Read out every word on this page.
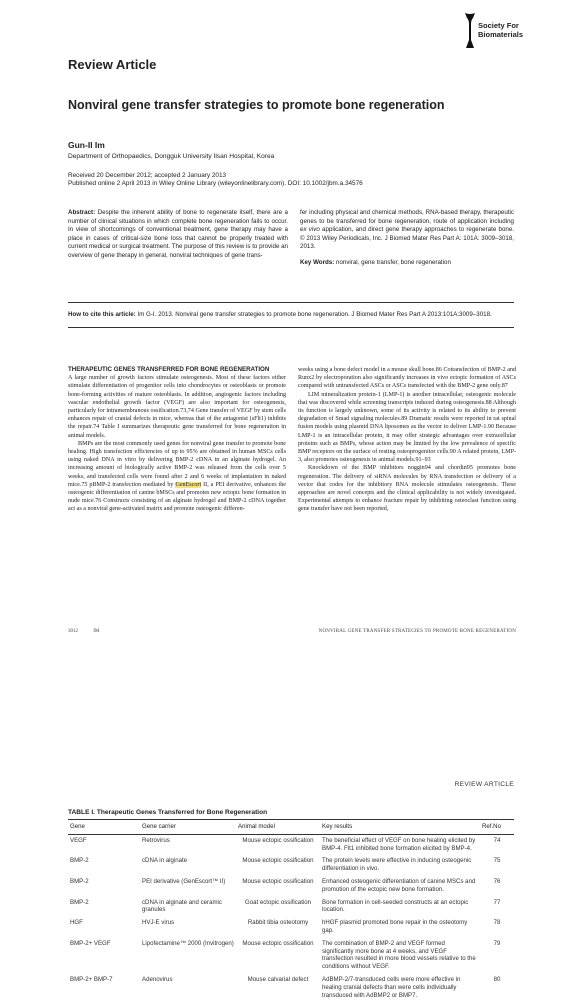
Society For
Biomaterials
Review Article
Nonviral gene transfer strategies to promote bone regeneration
Gun-Il Im
Department of Orthopaedics, Dongguk University Ilsan Hospital, Korea
Received 20 December 2012; accepted 2 January 2013
Published online 2 April 2013 in Wiley Online Library (wileyonlinelibrary.com). DOI: 10.1002/jbm.a.34576
Abstract: Despite the inherent ability of bone to regenerate itself, there are a number of clinical situations in which complete bone regeneration fails to occur. In view of shortcomings of conventional treatment, gene therapy may have a place in cases of critical-size bone loss that cannot be properly treated with current medical or surgical treatment. The purpose of this review is to provide an overview of gene therapy in general, nonviral techniques of gene trans-
fer including physical and chemical methods, RNA-based therapy, therapeutic genes to be transferred for bone regeneration, route of application including ex vivo application, and direct gene therapy approaches to regenerate bone. © 2013 Wiley Periodicals, Inc. J Biomed Mater Res Part A: 101A: 3009–3018, 2013.
Key Words: nonviral, gene transfer, bone regeneration
How to cite this article: Im G-I. 2013. Nonviral gene transfer strategies to promote bone regeneration. J Biomed Mater Res Part A 2013:101A:3009–3018.
THERAPEUTIC GENES TRANSFERRED FOR BONE REGENERATION
A large number of growth factors stimulate osteogenesis. Most of these factors either stimulate differentiation of progenitor cells into chondrocytes or osteoblasts or promote bone-forming activities of mature osteoblasts. In addition, angiogenic factors including vascular endothelial growth factor (VEGF) are also important for osteogenesis, particularly for intramembranous ossification.73,74 Gene transfer of VEGF by stem cells enhances repair of cranial defects in mice, whereas that of the antagonist (sFlt1) inhibits the repair.74 Table I summarizes therapeutic gene transferred for bone regeneration in animal models.
BMPs are the most commonly used genes for nonviral gene transfer to promote bone healing. High transfection efficiencies of up to 95% are obtained in human MSCs cells using naked DNA in vitro by delivering BMP-2 cDNA in an alginate hydrogel. An increasing amount of biologically active BMP-2 was released from the cells over 5 weeks, and transfected cells were found after 2 and 6 weeks of implantation in naked mice.75 pBMP-2 transfection mediated by GenEscort II, a PEI derivative, enhances the osteogenic differentiation of canine bMSCs and promotes new ectopic bone formation in nude mice.76 Constructs consisting of an alginate hydrogel and BMP-2 cDNA together act as a nonviral gene-activated matrix and promote osteogenic differen-
weeks using a bone defect model in a mouse skull bone.86 Cotransfection of BMP-2 and Runx2 by electroporation also significantly increases in vivo ectopic formation of ASCs compared with untransfected ASCs or ASCs transfected with the BMP-2 gene only.87
LIM mineralization protein-1 (LMP-1) is another intracellular, osteogenic molecule that was discovered while screening transcripts induced during osteogenesis.88 Although its function is largely unknown, some of its activity is related to its ability to prevent degradation of Smad signaling molecules.89 Dramatic results were reported in rat spinal fusion models using plasmid DNA liposomes as the vector to deliver LMP-1.90 Because LMP-1 is an intracellular protein, it may offer strategic advantages over extracellular proteins such as BMPs, whose action may be limited by the low prevalence of specific BMP receptors on the surface of resting osteoprogenitor cells.90 A related protein, LMP-3, also promotes osteogenesis in animal models.91–93
Knockdown of the BMP inhibitors noggin94 and chordin95 promotes bone regeneration. The delivery of siRNA molecules by RNA transfection or delivery of a vector that codes for the inhibitory RNA molecule stimulates osteogenesis. These approaches are novel concepts and the clinical applicability is not widely investigated. Experimental attempts to enhance fracture repair by inhibiting osteoclast function using gene transfer have not been reported,
3012	IM	NONVIRAL GENE TRANSFER STRATEGIES TO PROMOTE BONE REGENERATION
REVIEW ARTICLE
TABLE I. Therapeutic Genes Transferred for Bone Regeneration
Gene	Gene carrier	Animal model	Key results	Ref.No
VEGF	Retrovirus	Mouse ectopic ossification	The beneficial effect of VEGF on bone healing elicited by BMP-4. Flt1 inhibited bone formation elicited by BMP-4.	74
BMP-2	cDNA in alginate	Mouse ectopic ossification	The protein levels were effective in inducing osteogenic differentiation in vivo.	75
BMP-2	PEI derivative (GenEscort™ II)	Mouse ectopic ossification	Enhanced osteogenic differentiation of canine MSCs and promotion of the ectopic new bone formation.	76
BMP-2	cDNA in alginate and ceramic granules	Goat ectopic ossification	Bone formation in cell-seeded constructs at an ectopic location.	77
HGF	HVJ-E virus	Rabbit tibia osteotomy	hHGF plasmid promoted bone repair in the osteotomy gap.	78
BMP-2+ VEGF	Lipofectamine™ 2000 (Invitrogen)	Mouse ectopic ossification	The combination of BMP-2 and VEGF formed significantly more bone at 4 weeks, and VEGF transfection resulted in more blood vessels relative to the conditions without VEGF.	79
BMP-2+ BMP-7	Adenovirus	Mouse calvarial defect	AdBMP-2/7-transduced cells were more effective in healing cranial defects than were cells individually transduced with AdBMP2 or BMP7.	80
